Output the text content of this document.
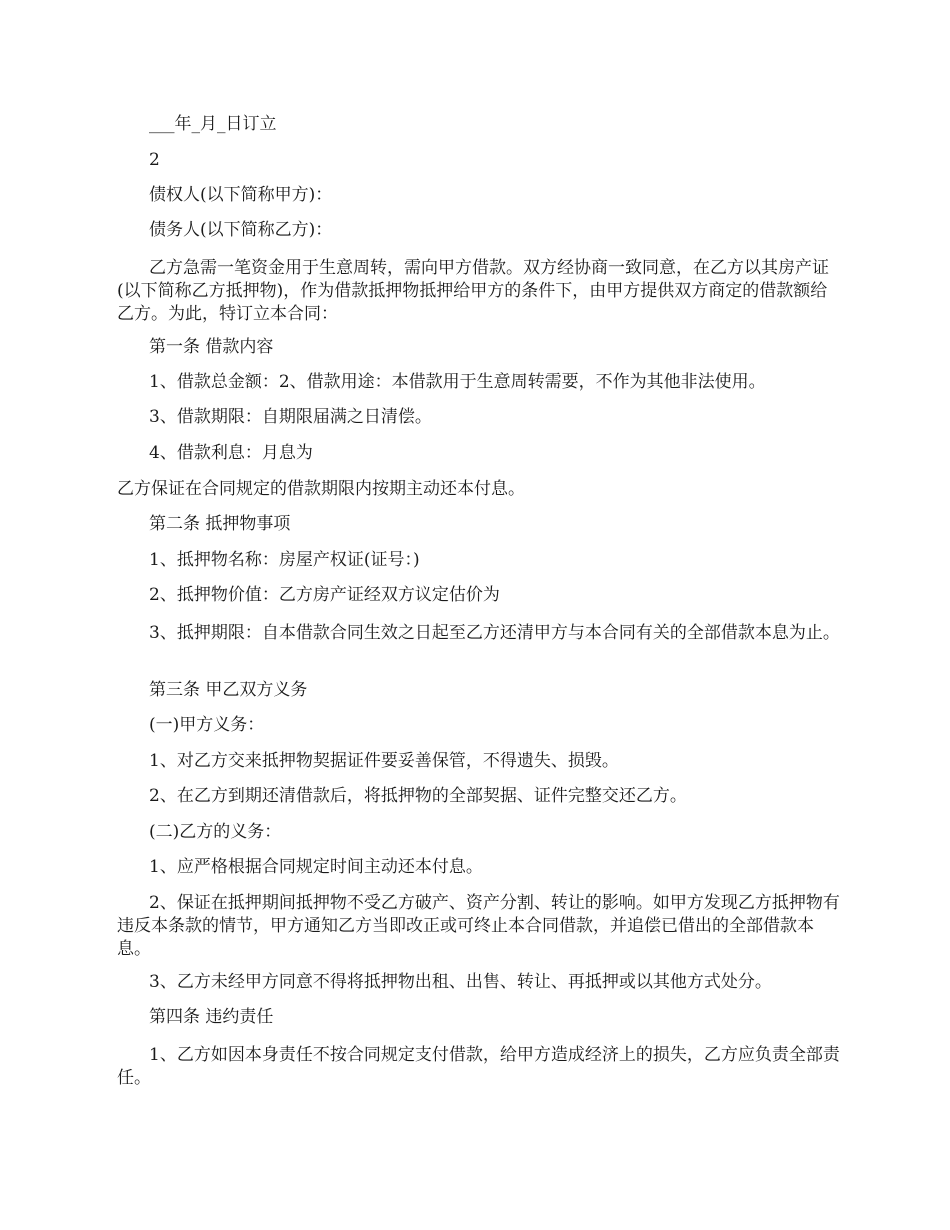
___年_月_日订立

2

债权人(以下简称甲方)：

债务人(以下简称乙方)：

乙方急需一笔资金用于生意周转，需向甲方借款。双方经协商一致同意，在乙方以其房产证(以下简称乙方抵押物)，作为借款抵押物抵押给甲方的条件下，由甲方提供双方商定的借款额给乙方。为此，特订立本合同：

第一条 借款内容

1、借款总金额：2、借款用途：本借款用于生意周转需要，不作为其他非法使用。

3、借款期限：自期限届满之日清偿。

4、借款利息：月息为

乙方保证在合同规定的借款期限内按期主动还本付息。

第二条 抵押物事项

1、抵押物名称：房屋产权证(证号：)

2、抵押物价值：乙方房产证经双方议定估价为

3、抵押期限：自本借款合同生效之日起至乙方还清甲方与本合同有关的全部借款本息为止。

第三条 甲乙双方义务

(一)甲方义务：

1、对乙方交来抵押物契据证件要妥善保管，不得遗失、损毁。

2、在乙方到期还清借款后，将抵押物的全部契据、证件完整交还乙方。

(二)乙方的义务：

1、应严格根据合同规定时间主动还本付息。

2、保证在抵押期间抵押物不受乙方破产、资产分割、转让的影响。如甲方发现乙方抵押物有违反本条款的情节，甲方通知乙方当即改正或可终止本合同借款，并追偿已借出的全部借款本息。

3、乙方未经甲方同意不得将抵押物出租、出售、转让、再抵押或以其他方式处分。

第四条 违约责任

1、乙方如因本身责任不按合同规定支付借款，给甲方造成经济上的损失，乙方应负责全部责任。
